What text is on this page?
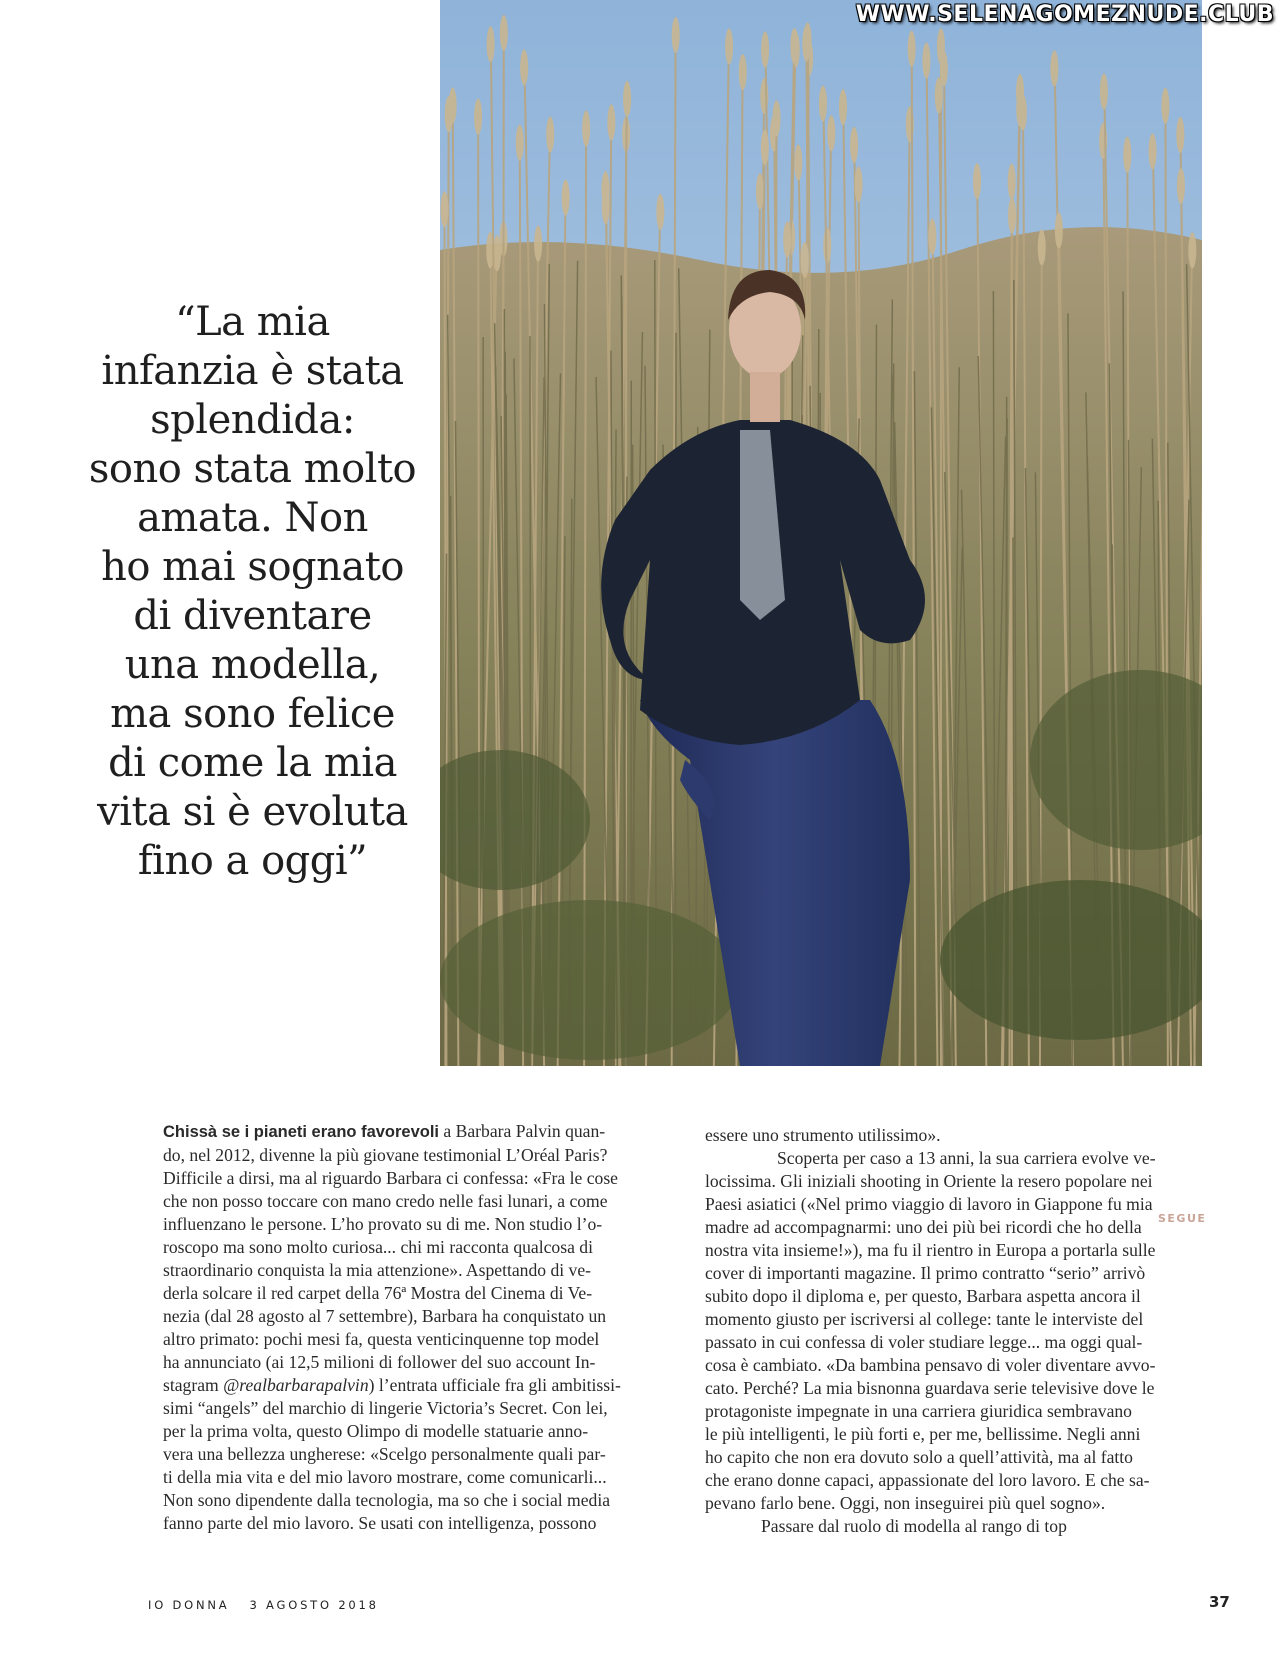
WWW.SELENAGOMEZNUDE.CLUB
“La mia
infanzia è stata
splendida:
sono stata molto
amata. Non
ho mai sognato
di diventare
una modella,
ma sono felice
di come la mia
vita si è evoluta
fino a oggi”
Chissà se i pianeti erano favorevoli a Barbara Palvin quan-
do, nel 2012, divenne la più giovane testimonial L’Oréal Paris?
Difficile a dirsi, ma al riguardo Barbara ci confessa: «Fra le cose
che non posso toccare con mano credo nelle fasi lunari, a come
influenzano le persone. L’ho provato su di me. Non studio l’o-
roscopo ma sono molto curiosa... chi mi racconta qualcosa di
straordinario conquista la mia attenzione». Aspettando di ve-
derla solcare il red carpet della 76ª Mostra del Cinema di Ve-
nezia (dal 28 agosto al 7 settembre), Barbara ha conquistato un
altro primato: pochi mesi fa, questa venticinquenne top model
ha annunciato (ai 12,5 milioni di follower del suo account In-
stagram @realbarbarapalvin) l’entrata ufficiale fra gli ambitissi-
simi “angels” del marchio di lingerie Victoria’s Secret. Con lei,
per la prima volta, questo Olimpo di modelle statuarie anno-
vera una bellezza ungherese: «Scelgo personalmente quali par-
ti della mia vita e del mio lavoro mostrare, come comunicarli...
Non sono dipendente dalla tecnologia, ma so che i social media
fanno parte del mio lavoro. Se usati con intelligenza, possono
essere uno strumento utilissimo».
Scoperta per caso a 13 anni, la sua carriera evolve ve-
locissima. Gli iniziali shooting in Oriente la resero popolare nei
Paesi asiatici («Nel primo viaggio di lavoro in Giappone fu mia
madre ad accompagnarmi: uno dei più bei ricordi che ho della
nostra vita insieme!»), ma fu il rientro in Europa a portarla sulle
cover di importanti magazine. Il primo contratto “serio” arrivò
subito dopo il diploma e, per questo, Barbara aspetta ancora il
momento giusto per iscriversi al college: tante le interviste del
passato in cui confessa di voler studiare legge... ma oggi qual-
cosa è cambiato. «Da bambina pensavo di voler diventare avvo-
cato. Perché? La mia bisnonna guardava serie televisive dove le
protagoniste impegnate in una carriera giuridica sembravano
le più intelligenti, le più forti e, per me, bellissime. Negli anni
ho capito che non era dovuto solo a quell’attività, ma al fatto
che erano donne capaci, appassionate del loro lavoro. E che sa-
pevano farlo bene. Oggi, non inseguirei più quel sogno».
Passare dal ruolo di modella al rango di top
SEGUE
IO DONNA 3 AGOSTO 2018	37
